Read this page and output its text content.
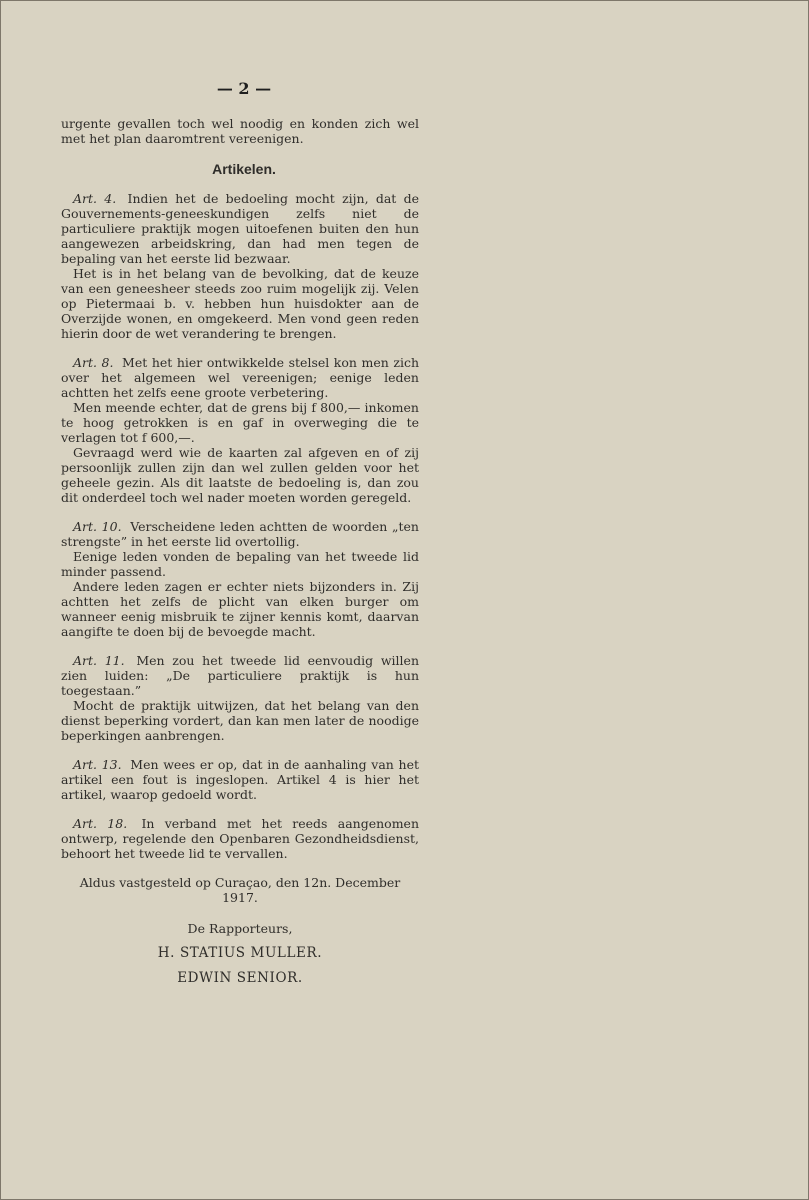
— 2 —

urgente gevallen toch wel noodig en konden zich wel met het plan daaromtrent vereenigen.

Artikelen.

Art. 4. Indien het de bedoeling mocht zijn, dat de Gouvernements-geneeskundigen zelfs niet de particuliere praktijk mogen uitoefenen buiten den hun aangewezen arbeidskring, dan had men tegen de bepaling van het eerste lid bezwaar.

Het is in het belang van de bevolking, dat de keuze van een geneesheer steeds zoo ruim mogelijk zij. Velen op Pietermaai b. v. hebben hun huisdokter aan de Overzijde wonen, en omgekeerd. Men vond geen reden hierin door de wet verandering te brengen.

Art. 8. Met het hier ontwikkelde stelsel kon men zich over het algemeen wel vereenigen; eenige leden achtten het zelfs eene groote verbetering.

Men meende echter, dat de grens bij f 800,— inkomen te hoog getrokken is en gaf in overweging die te verlagen tot f 600,—.

Gevraagd werd wie de kaarten zal afgeven en of zij persoonlijk zullen zijn dan wel zullen gelden voor het geheele gezin. Als dit laatste de bedoeling is, dan zou dit onderdeel toch wel nader moeten worden geregeld.

Art. 10. Verscheidene leden achtten de woorden „ten strengste” in het eerste lid overtollig.

Eenige leden vonden de bepaling van het tweede lid minder passend.

Andere leden zagen er echter niets bijzonders in. Zij achtten het zelfs de plicht van elken burger om wanneer eenig misbruik te zijner kennis komt, daarvan aangifte te doen bij de bevoegde macht.

Art. 11. Men zou het tweede lid eenvoudig willen zien luiden: „De particuliere praktijk is hun toegestaan.”

Mocht de praktijk uitwijzen, dat het belang van den dienst beperking vordert, dan kan men later de noodige beperkingen aanbrengen.

Art. 13. Men wees er op, dat in de aanhaling van het artikel een fout is ingeslopen. Artikel 4 is hier het artikel, waarop gedoeld wordt.

Art. 18. In verband met het reeds aangenomen ontwerp, regelende den Openbaren Gezondheidsdienst, behoort het tweede lid te vervallen.

Aldus vastgesteld op Curaçao, den 12n. December 1917.
De Rapporteurs,
H. STATIUS MULLER.
EDWIN SENIOR.
